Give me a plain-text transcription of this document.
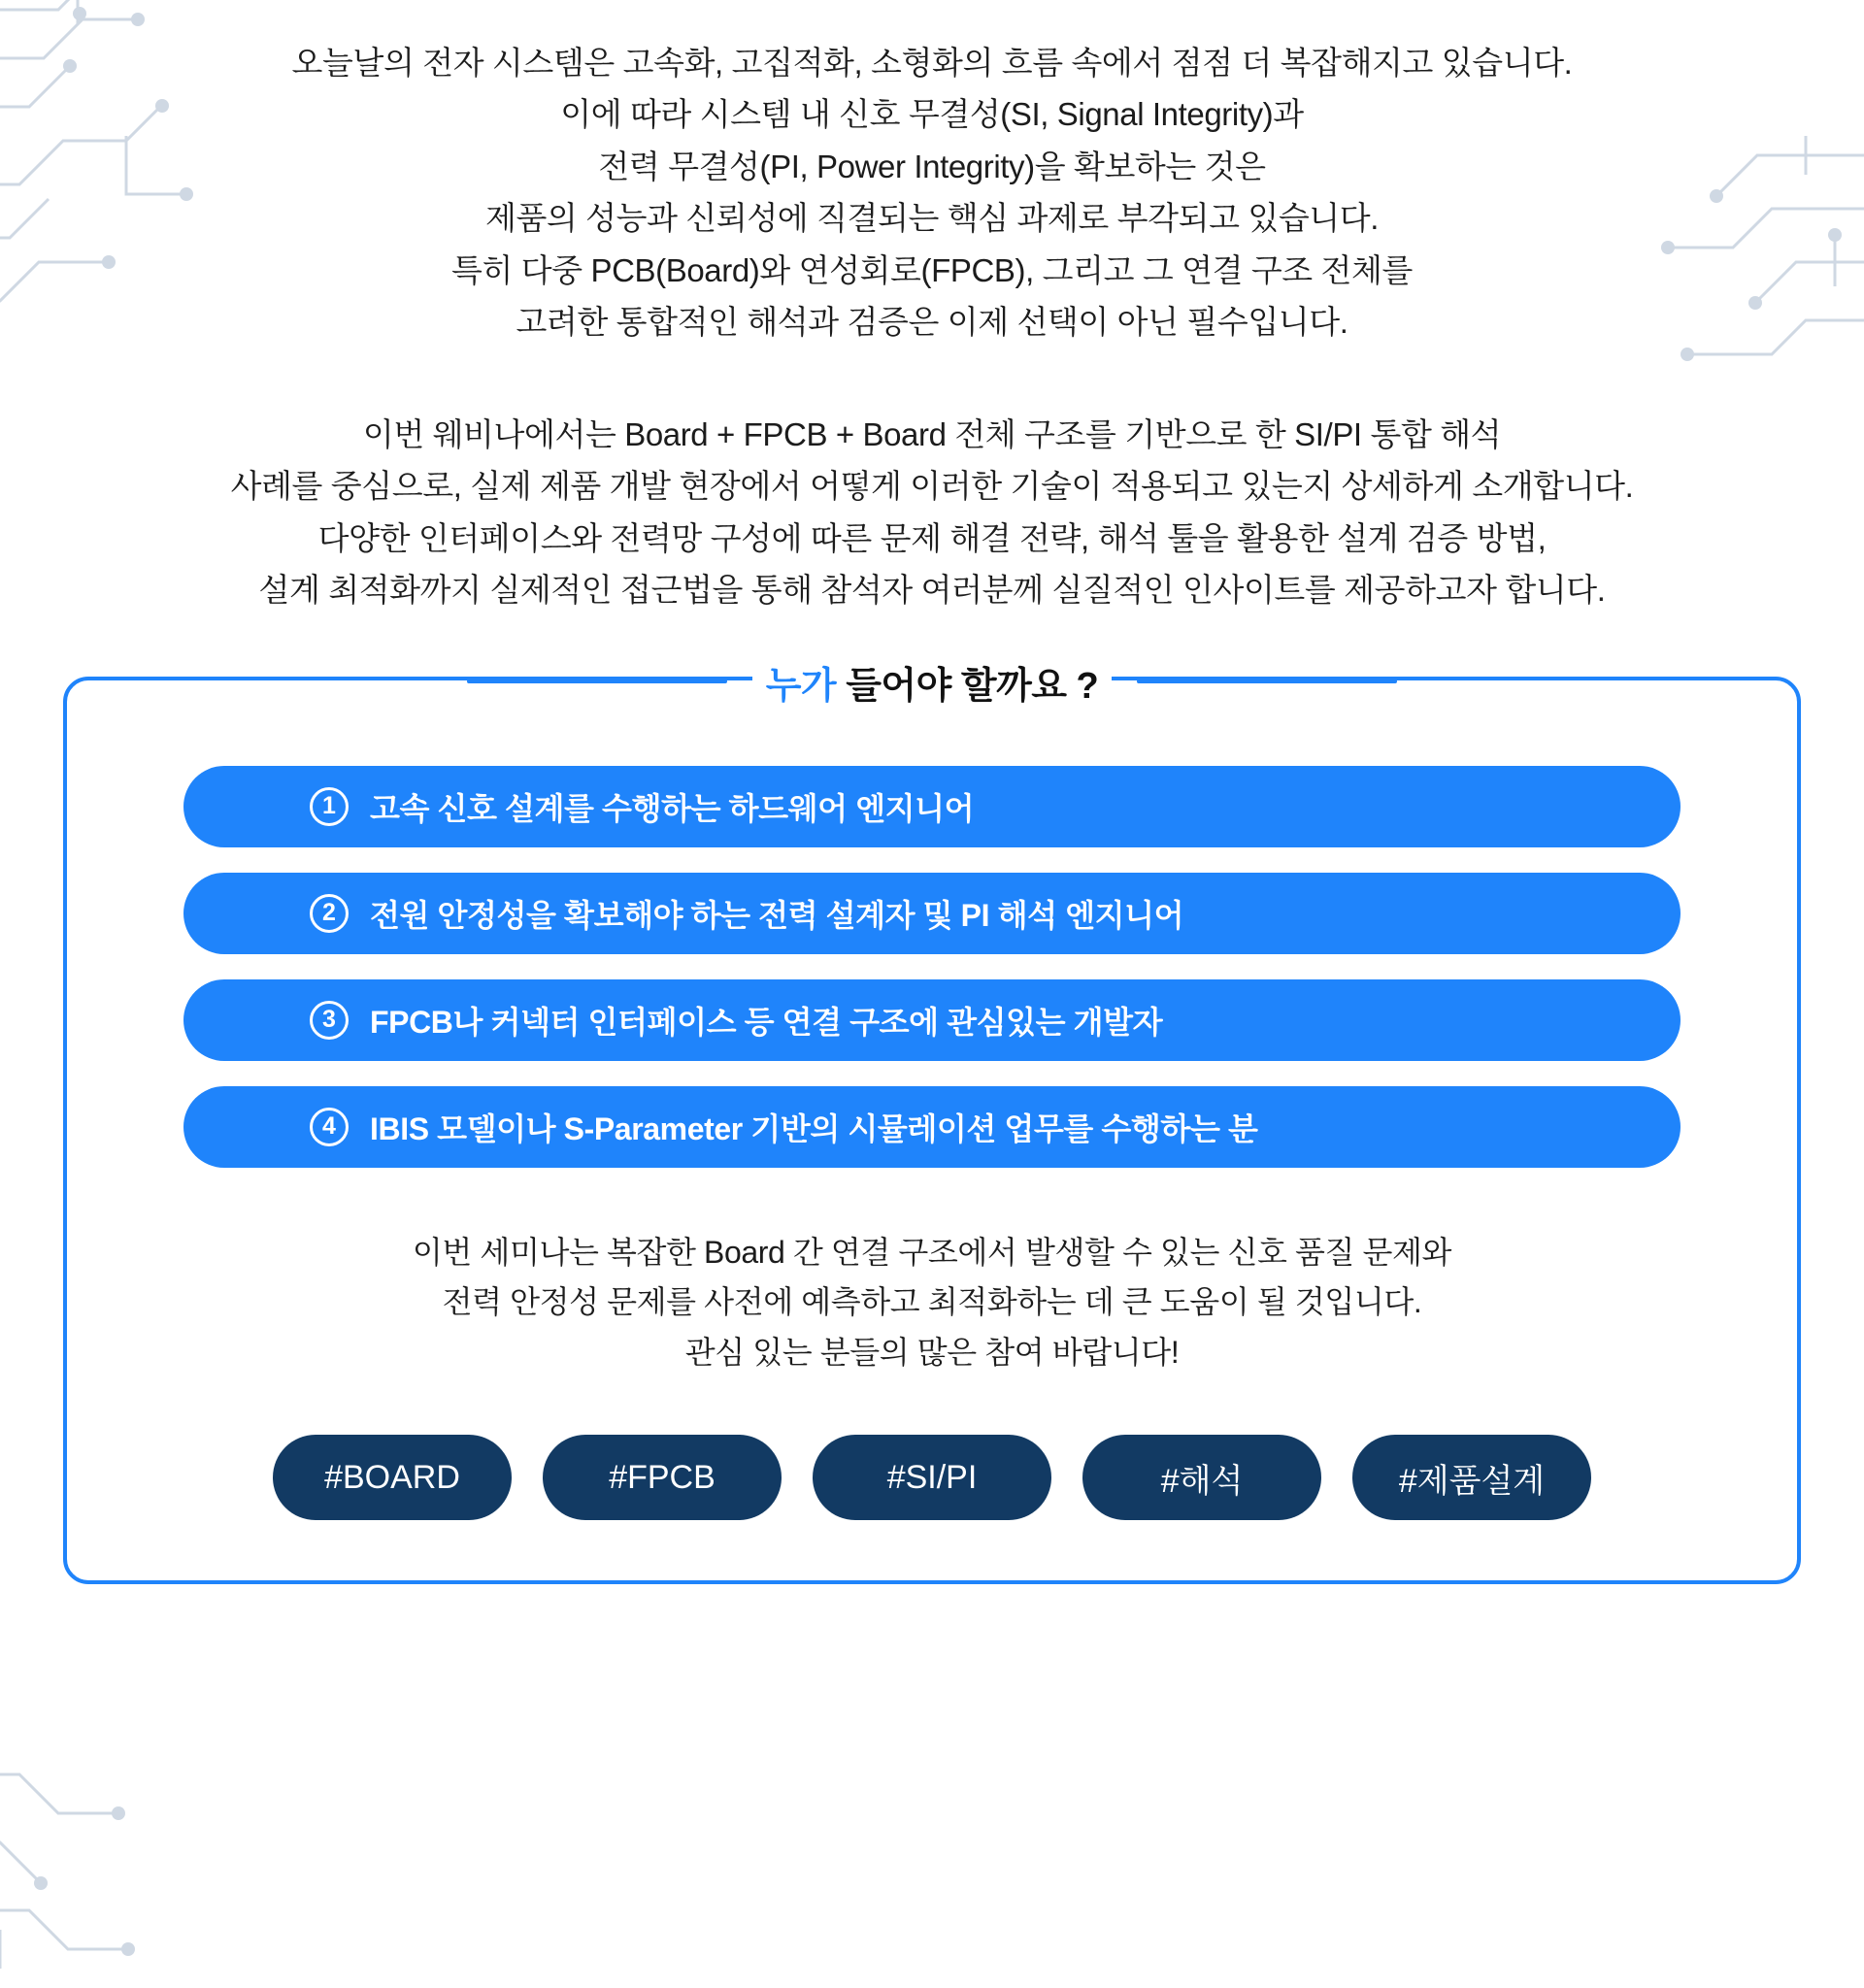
오늘날의 전자 시스템은 고속화, 고집적화, 소형화의 흐름 속에서 점점 더 복잡해지고 있습니다.

이에 따라 시스템 내 신호 무결성(SI, Signal Integrity)과

전력 무결성(PI, Power Integrity)을 확보하는 것은

제품의 성능과 신뢰성에 직결되는 핵심 과제로 부각되고 있습니다.

특히 다중 PCB(Board)와 연성회로(FPCB), 그리고 그 연결 구조 전체를

고려한 통합적인 해석과 검증은 이제 선택이 아닌 필수입니다.

이번 웨비나에서는 Board + FPCB + Board 전체 구조를 기반으로 한 SI/PI 통합 해석

사례를 중심으로, 실제 제품 개발 현장에서 어떻게 이러한 기술이 적용되고 있는지 상세하게 소개합니다.

다양한 인터페이스와 전력망 구성에 따른 문제 해결 전략, 해석 툴을 활용한 설계 검증 방법,

설계 최적화까지 실제적인 접근법을 통해 참석자 여러분께 실질적인 인사이트를 제공하고자 합니다.

누가 들어야 할까요 ?
1	고속 신호 설계를 수행하는 하드웨어 엔지니어
2	전원 안정성을 확보해야 하는 전력 설계자 및 PI 해석 엔지니어
3	FPCB나 커넥터 인터페이스 등 연결 구조에 관심있는 개발자
4	IBIS 모델이나 S-Parameter 기반의 시뮬레이션 업무를 수행하는 분

이번 세미나는 복잡한 Board 간 연결 구조에서 발생할 수 있는 신호 품질 문제와

전력 안정성 문제를 사전에 예측하고 최적화하는 데 큰 도움이 될 것입니다.

관심 있는 분들의 많은 참여 바랍니다!

#BOARD	#FPCB	#SI/PI	#해석	#제품설계
